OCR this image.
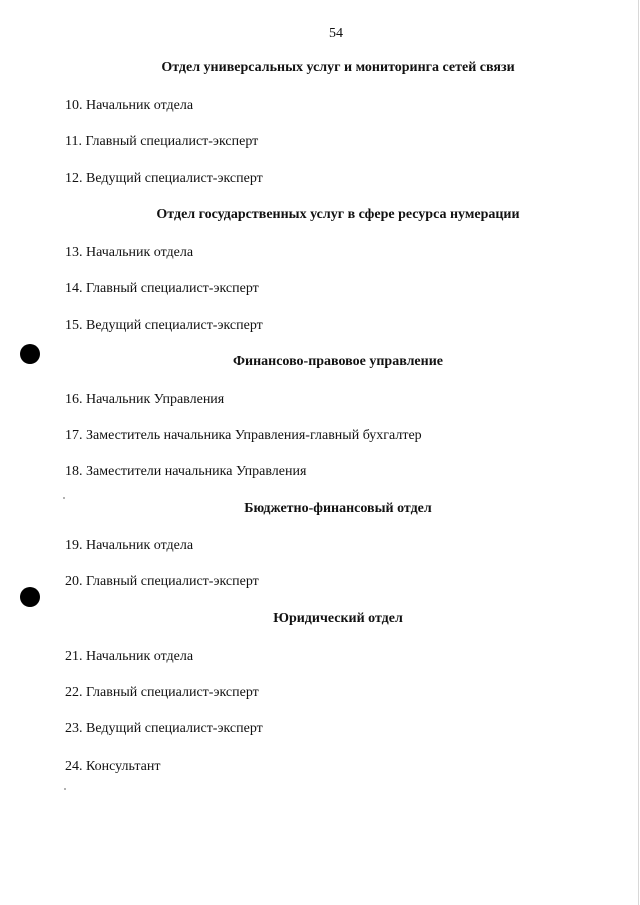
54
Отдел универсальных услуг и мониторинга сетей связи
10. Начальник отдела
11. Главный специалист-эксперт
12. Ведущий специалист-эксперт
Отдел государственных услуг в сфере ресурса нумерации
13. Начальник отдела
14. Главный специалист-эксперт
15. Ведущий специалист-эксперт
Финансово-правовое управление
16. Начальник Управления
17. Заместитель начальника Управления-главный бухгалтер
18. Заместители начальника Управления
Бюджетно-финансовый отдел
19. Начальник отдела
20. Главный специалист-эксперт
Юридический отдел
21. Начальник отдела
22. Главный специалист-эксперт
23. Ведущий специалист-эксперт
24. Консультант
